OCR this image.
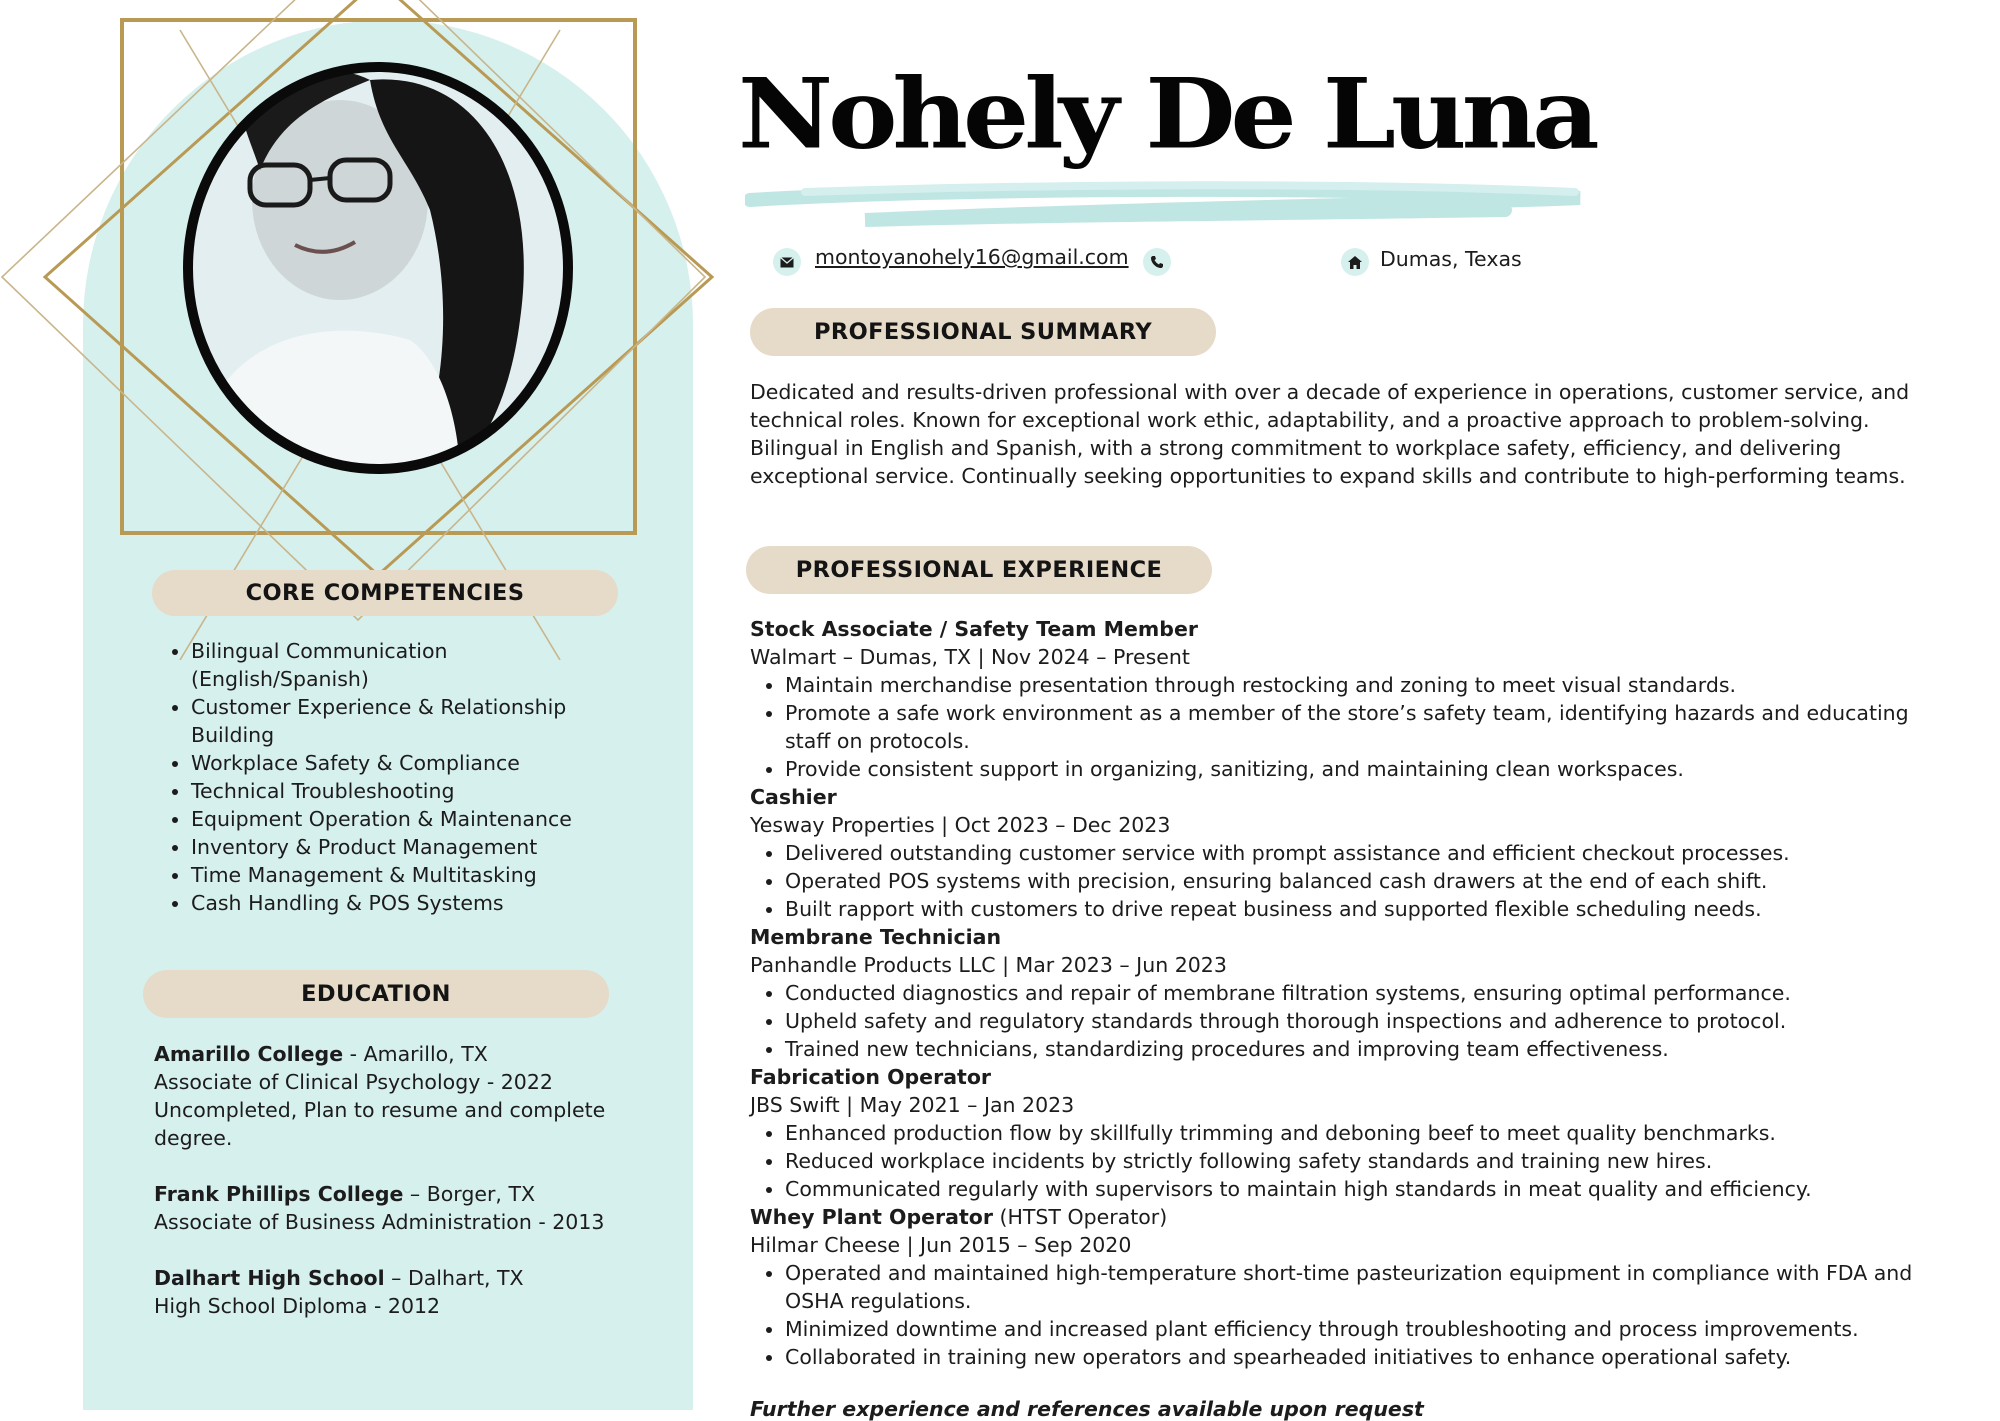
CORE COMPETENCIES
• Bilingual Communication (English/Spanish)
• Customer Experience & Relationship Building
• Workplace Safety & Compliance
• Technical Troubleshooting
• Equipment Operation & Maintenance
• Inventory & Product Management
• Time Management & Multitasking
• Cash Handling & POS Systems
EDUCATION

Amarillo College - Amarillo, TX
Associate of Clinical Psychology - 2022
Uncompleted, Plan to resume and complete degree.

Frank Phillips College – Borger, TX
Associate of Business Administration - 2013

Dalhart High School – Dalhart, TX
High School Diploma - 2012

Nohely De Luna
montoyanohely16@gmail.com	Dumas, Texas
PROFESSIONAL SUMMARY
Dedicated and results-driven professional with over a decade of experience in operations, customer service, and technical roles. Known for exceptional work ethic, adaptability, and a proactive approach to problem-solving. Bilingual in English and Spanish, with a strong commitment to workplace safety, efficiency, and delivering exceptional service. Continually seeking opportunities to expand skills and contribute to high-performing teams.
PROFESSIONAL EXPERIENCE
Stock Associate / Safety Team Member
Walmart – Dumas, TX | Nov 2024 – Present
• Maintain merchandise presentation through restocking and zoning to meet visual standards.
• Promote a safe work environment as a member of the store’s safety team, identifying hazards and educating staff on protocols.
• Provide consistent support in organizing, sanitizing, and maintaining clean workspaces.
Cashier
Yesway Properties | Oct 2023 – Dec 2023
• Delivered outstanding customer service with prompt assistance and efficient checkout processes.
• Operated POS systems with precision, ensuring balanced cash drawers at the end of each shift.
• Built rapport with customers to drive repeat business and supported flexible scheduling needs.
Membrane Technician
Panhandle Products LLC | Mar 2023 – Jun 2023
• Conducted diagnostics and repair of membrane filtration systems, ensuring optimal performance.
• Upheld safety and regulatory standards through thorough inspections and adherence to protocol.
• Trained new technicians, standardizing procedures and improving team effectiveness.
Fabrication Operator
JBS Swift | May 2021 – Jan 2023
• Enhanced production flow by skillfully trimming and deboning beef to meet quality benchmarks.
• Reduced workplace incidents by strictly following safety standards and training new hires.
• Communicated regularly with supervisors to maintain high standards in meat quality and efficiency.
Whey Plant Operator (HTST Operator)
Hilmar Cheese | Jun 2015 – Sep 2020
• Operated and maintained high-temperature short-time pasteurization equipment in compliance with FDA and OSHA regulations.
• Minimized downtime and increased plant efficiency through troubleshooting and process improvements.
• Collaborated in training new operators and spearheaded initiatives to enhance operational safety.
Further experience and references available upon request
